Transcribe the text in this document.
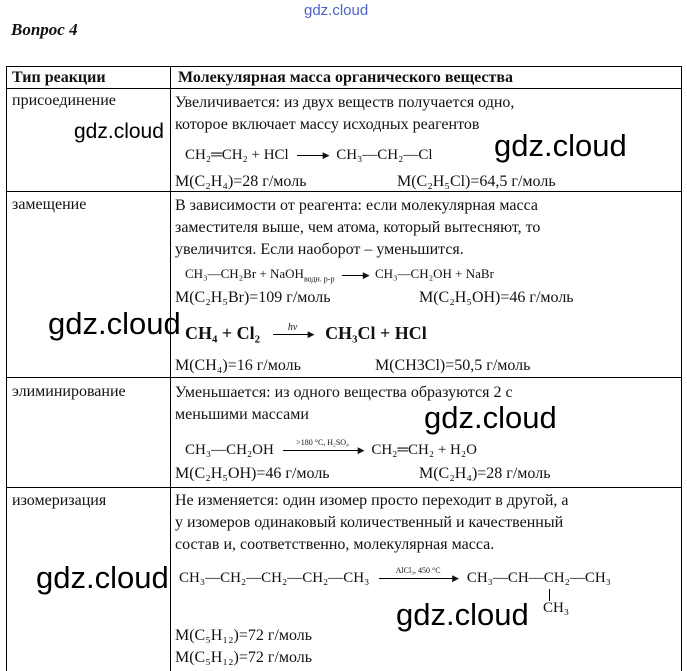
gdz.cloud
Вопрос 4
Тип реакции	Молекулярная масса органического вещества
присоединение	Увеличивается: из двух веществ получается одно,
которое включает массу исходных реагентов
CH₂═CH₂ + HCl	▶ CH₃—CH₂—Cl
M(C₂H₄)=28 г/моль	M(C₂H₅Cl)=64,5 г/моль
замещение	В зависимости от реагента: если молекулярная масса
заместителя выше, чем атома, который вытесняют, то
увеличится. Если наоборот – уменьшится.
CH₃—CH₂Br + NaOH$_{водн. р-р}$	▶ CH₃—CH₂OH + NaBr
M(C₂H₅Br)=109 г/моль	M(C₂H₅OH)=46 г/моль
CH₄ + Cl₂	hν
▶ CH₃Cl + HCl
M(CH₄)=16 г/моль	M(CH3Cl)=50,5 г/моль
элиминирование	Уменьшается: из одного вещества образуются 2 с
меньшими массами
CH₃—CH₂OH	>180 °C, H₂SO₄
▶ CH₂═CH₂ + H₂O
M(C₂H₅OH)=46 г/моль	M(C₂H₄)=28 г/моль
изомеризация	Не изменяется: один изомер просто переходит в другой, а
у изомеров одинаковый количественный и качественный
состав и, соответственно, молекулярная масса.
CH₃—CH₂—CH₂—CH₂—CH₃	AlCl₃, 450 °C
▶ CH₃—CH—CH₂—CH₃
CH₃
M(C₅H₁₂)=72 г/моль
M(C₅H₁₂)=72 г/моль
gdz.cloud	gdz.cloud
gdz.cloud
gdz.cloud
gdz.cloud
gdz.cloud
